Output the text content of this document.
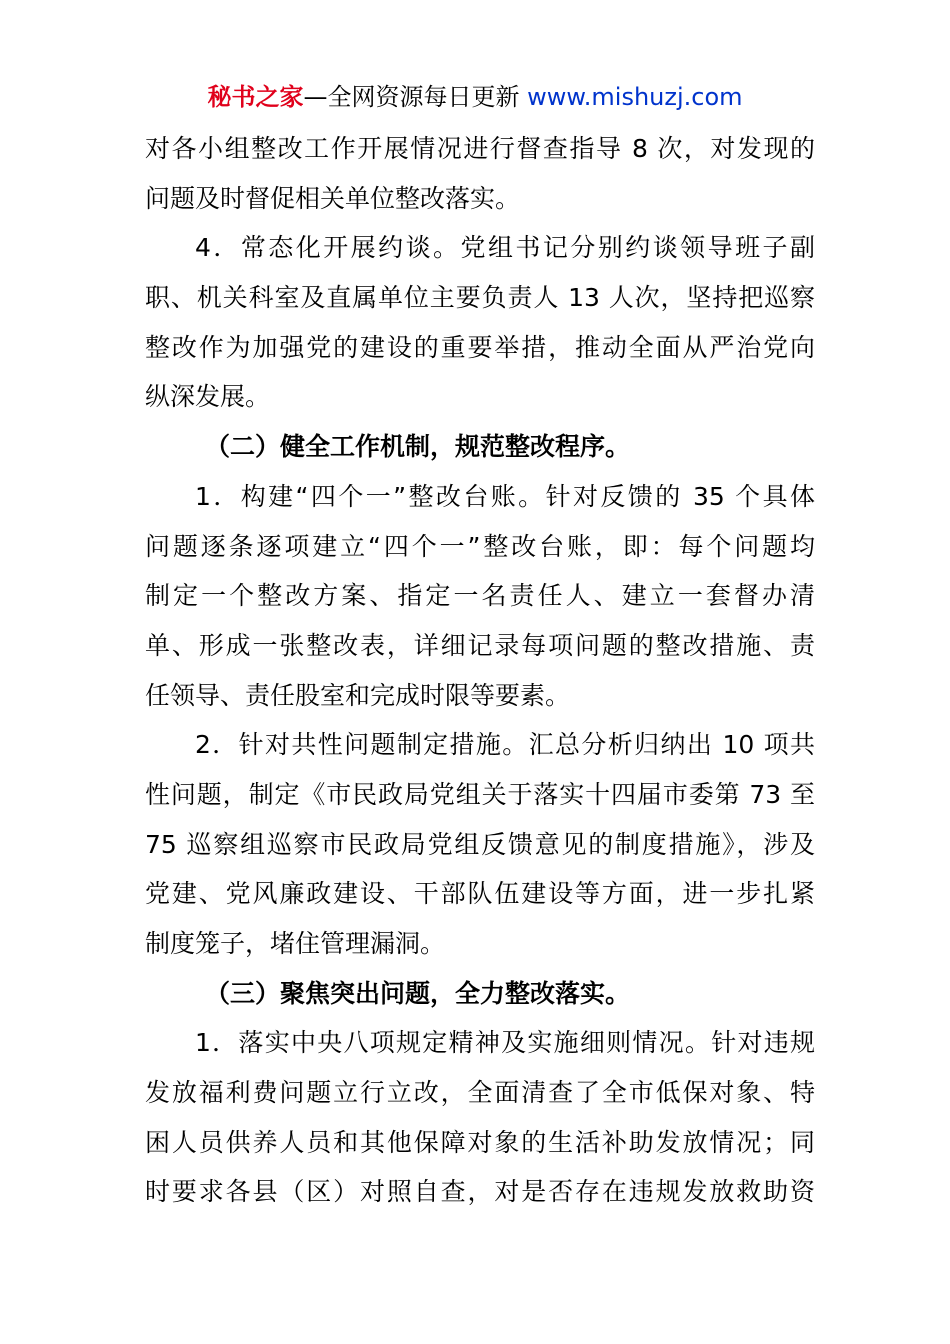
秘书之家—全网资源每日更新 www.mishuzj.com
对各小组整改工作开展情况进行督查指导 8 次，对发现的
问题及时督促相关单位整改落实。
4．常态化开展约谈。党组书记分别约谈领导班子副
职、机关科室及直属单位主要负责人 13 人次，坚持把巡察
整改作为加强党的建设的重要举措，推动全面从严治党向
纵深发展。
（二）健全工作机制，规范整改程序。
1．构建“四个一”整改台账。针对反馈的 35 个具体
问题逐条逐项建立“四个一”整改台账，即：每个问题均
制定一个整改方案、指定一名责任人、建立一套督办清
单、形成一张整改表，详细记录每项问题的整改措施、责
任领导、责任股室和完成时限等要素。
2．针对共性问题制定措施。汇总分析归纳出 10 项共
性问题，制定《市民政局党组关于落实十四届市委第 73 至
75 巡察组巡察市民政局党组反馈意见的制度措施》，涉及
党建、党风廉政建设、干部队伍建设等方面，进一步扎紧
制度笼子，堵住管理漏洞。
（三）聚焦突出问题，全力整改落实。
1．落实中央八项规定精神及实施细则情况。针对违规
发放福利费问题立行立改，全面清查了全市低保对象、特
困人员供养人员和其他保障对象的生活补助发放情况；同
时要求各县（区）对照自查，对是否存在违规发放救助资
